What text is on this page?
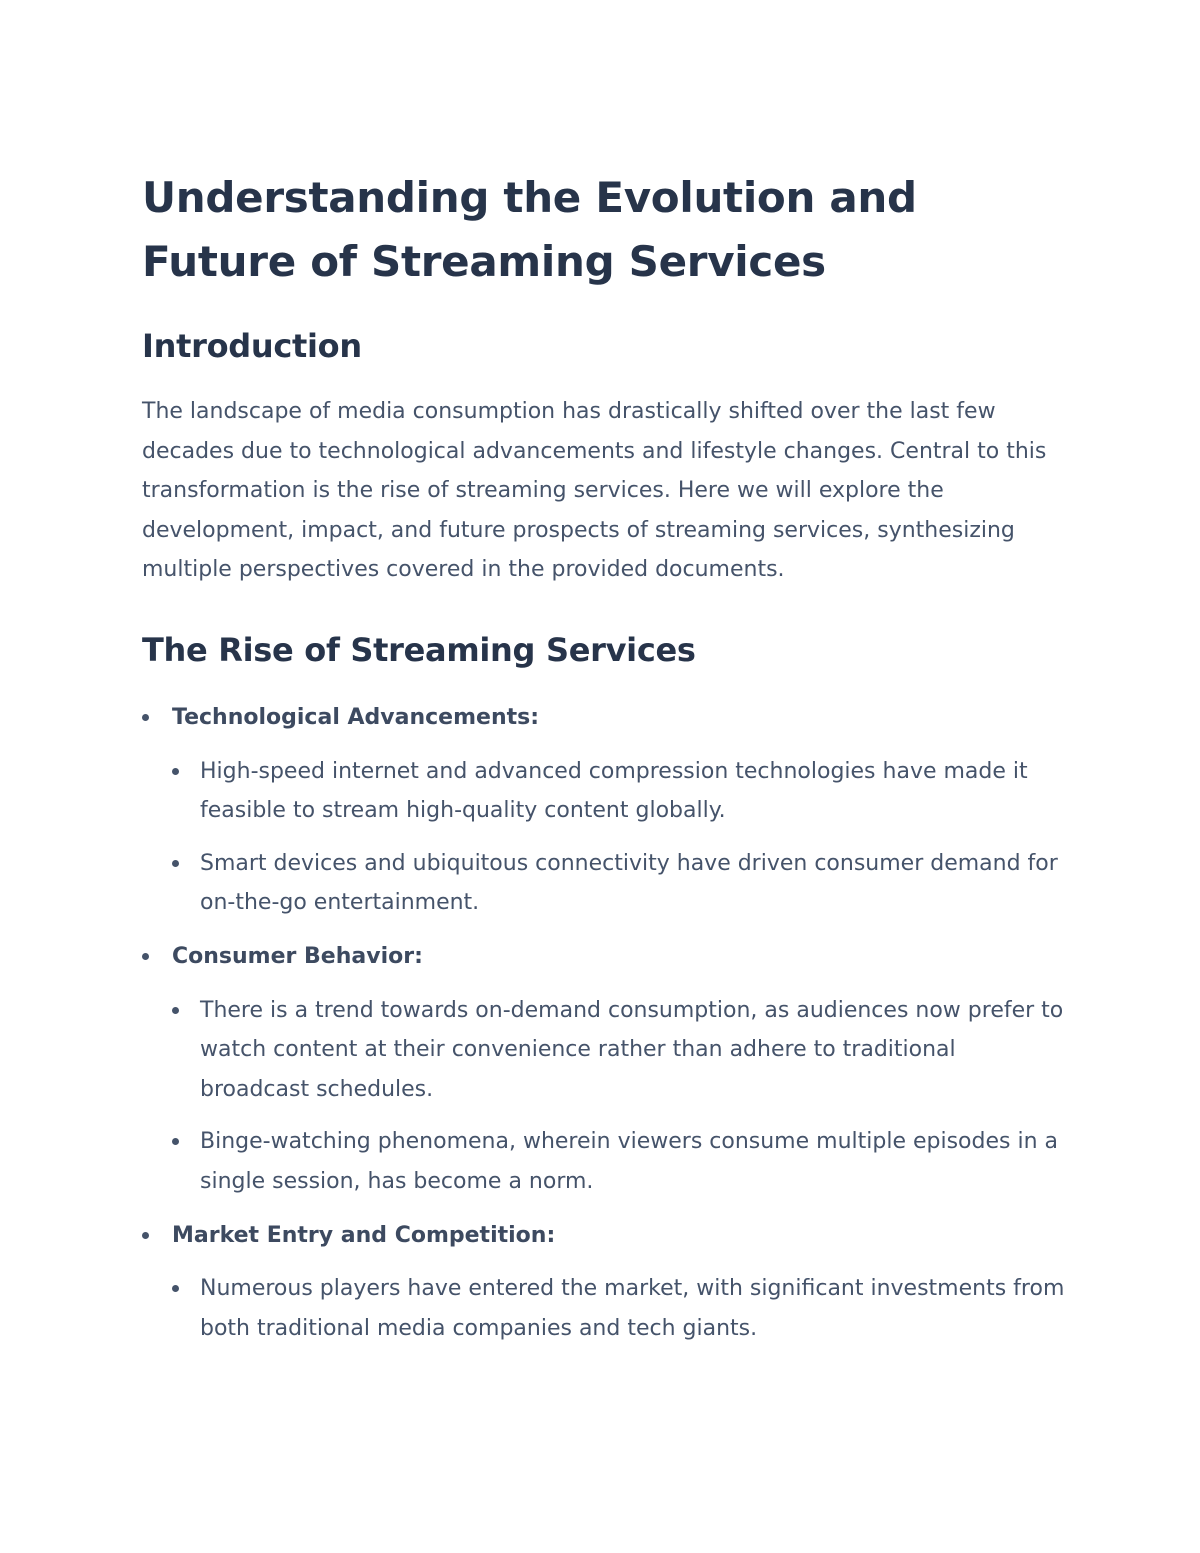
Understanding the Evolution and Future of Streaming Services
Introduction

The landscape of media consumption has drastically shifted over the last few decades due to technological advancements and lifestyle changes. Central to this transformation is the rise of streaming services. Here we will explore the development, impact, and future prospects of streaming services, synthesizing multiple perspectives covered in the provided documents.

The Rise of Streaming Services
Technological Advancements:
High-speed internet and advanced compression technologies have made it feasible to stream high-quality content globally.
Smart devices and ubiquitous connectivity have driven consumer demand for on-the-go entertainment.
Consumer Behavior:
There is a trend towards on-demand consumption, as audiences now prefer to watch content at their convenience rather than adhere to traditional broadcast schedules.
Binge-watching phenomena, wherein viewers consume multiple episodes in a single session, has become a norm.
Market Entry and Competition:
Numerous players have entered the market, with significant investments from both traditional media companies and tech giants.
